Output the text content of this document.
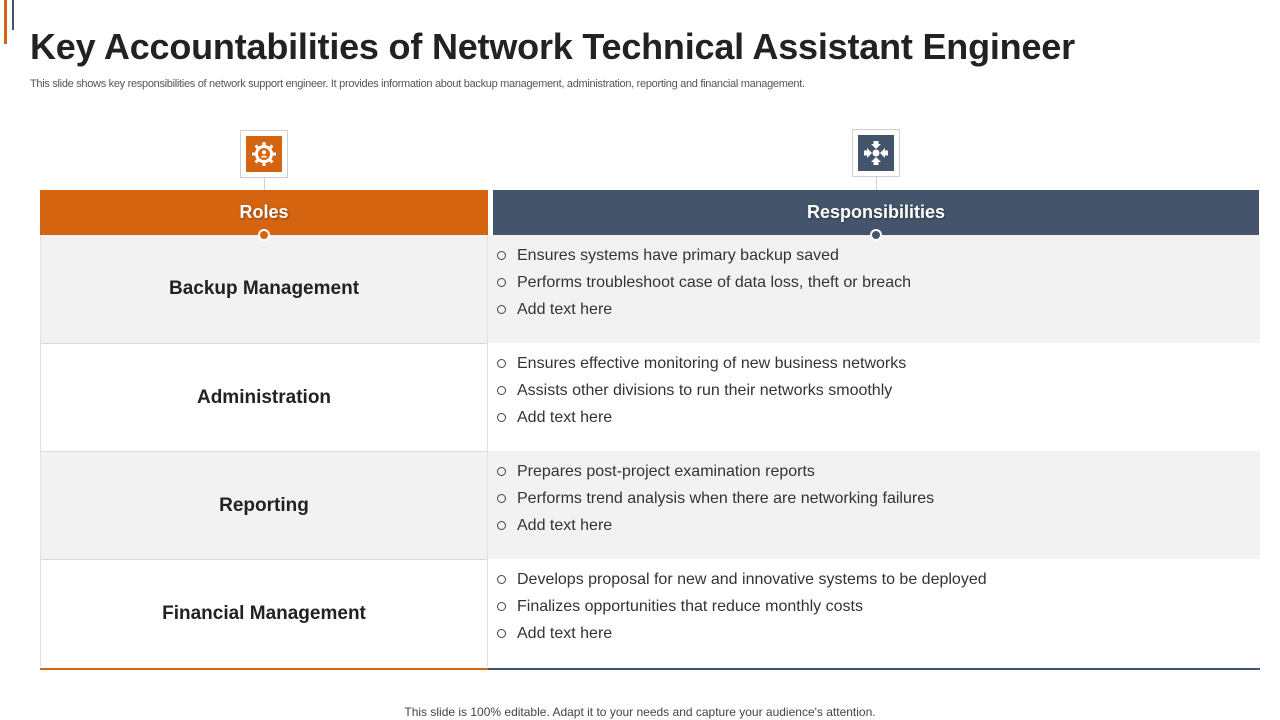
Key Accountabilities of Network Technical Assistant Engineer

This slide shows key responsibilities of network support engineer. It provides information about backup management, administration, reporting and financial management.

Roles	Responsibilities
Backup Management
Ensures systems have primary backup saved
Performs troubleshoot case of data loss, theft or breach
Add text here
Administration
Ensures effective monitoring of new business networks
Assists other divisions to run their networks smoothly
Add text here
Reporting
Prepares post-project examination reports
Performs trend analysis when there are networking failures
Add text here
Financial Management
Develops proposal for new and innovative systems to be deployed
Finalizes opportunities that reduce monthly costs
Add text here

This slide is 100% editable. Adapt it to your needs and capture your audience's attention.
